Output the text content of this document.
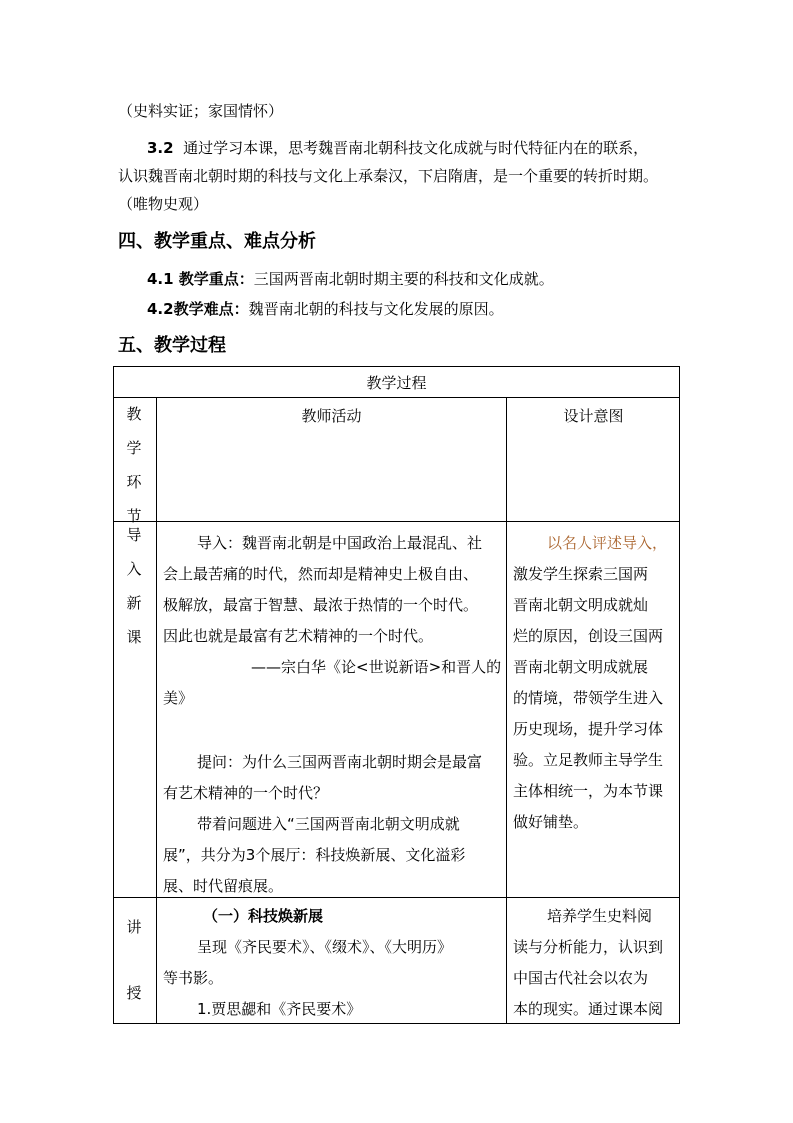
（史料实证；家国情怀）
3.2 通过学习本课，思考魏晋南北朝科技文化成就与时代特征内在的联系，
认识魏晋南北朝时期的科技与文化上承秦汉，下启隋唐，是一个重要的转折时期。
（唯物史观）
四、教学重点、难点分析
4.1 教学重点：三国两晋南北朝时期主要的科技和文化成就。
4.2教学难点：魏晋南北朝的科技与文化发展的原因。
五、教学过程
教学过程
教
学
环
节
教师活动	设计意图
导
入
新
课

导入：魏晋南北朝是中国政治上最混乱、社

会上最苦痛的时代，然而却是精神史上极自由、

极解放，最富于智慧、最浓于热情的一个时代。

因此也就是最富有艺术精神的一个时代。

——宗白华《论<世说新语>和晋人的

美》

提问：为什么三国两晋南北朝时期会是最富

有艺术精神的一个时代？

带着问题进入“三国两晋南北朝文明成就

展”，共分为3个展厅：科技焕新展、文化溢彩

展、时代留痕展。

以名人评述导入，

激发学生探索三国两

晋南北朝文明成就灿

烂的原因，创设三国两

晋南北朝文明成就展

的情境，带领学生进入

历史现场，提升学习体

验。立足教师主导学生

主体相统一，为本节课

做好铺垫。

讲
授

（一）科技焕新展

呈现《齐民要术》、《缀术》、《大明历》

等书影。

1.贾思勰和《齐民要术》

培养学生史料阅

读与分析能力，认识到

中国古代社会以农为

本的现实。通过课本阅
